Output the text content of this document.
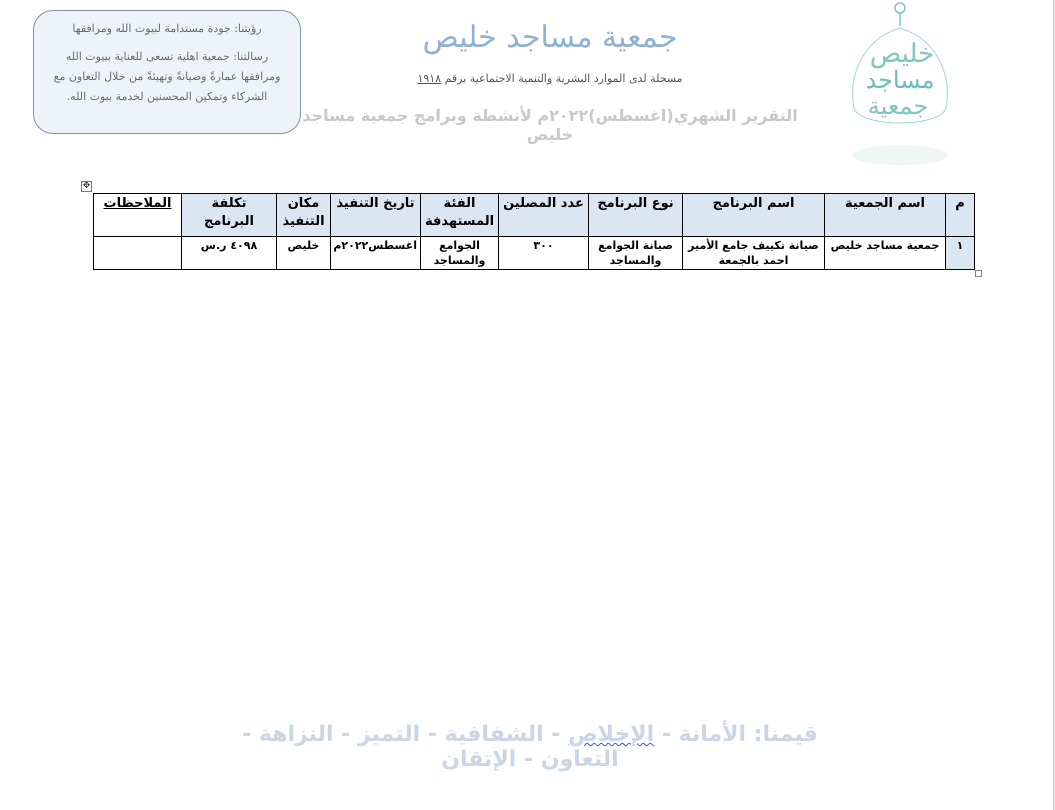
رؤيتنا: جودة مستدامة لبيوت الله ومرافقها
رسالتنا: جمعية اهلية تسعى للعناية ببيوت الله ومرافقها عمارةً وصيانةً وتهيئةً من خلال التعاون مع الشركاء وتمكين المحسنين لخدمة بيوت الله.
جمعية مساجد خليص
مسجلة لدى الموارد البشرية والتنمية الاجتماعية برقم ١٩١٨
التقرير الشهري(اغسطس)٢٠٢٢م لأنشطة وبرامج جمعية مساجد خليص
خليص
مساجد
جمعية
✥
م	اسم الجمعية	اسم البرنامج	نوع البرنامج	عدد المصلين	الفئة المستهدفة	تاريخ التنفيذ	مكان التنفيذ	تكلفة البرنامج	الملاحظات
١	جمعية مساجد خليص	صيانة تكييف جامع الأمير احمد بالجمعة	صيانة الجوامع والمساجد	٣٠٠	الجوامع والمساجد	اغسطس٢٠٢٢م	خليص	٤٠٩٨ ر.س	
قيمنا: الأمانة - الإخلاص - الشفافية - التميز - النزاهة - التعاون - الإتقان
